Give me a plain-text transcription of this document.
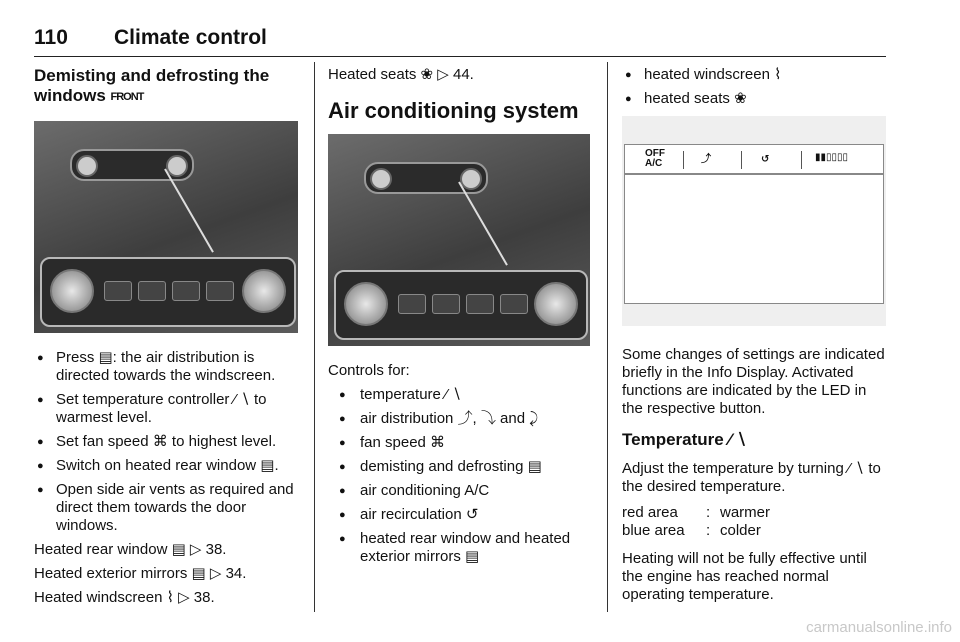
110 Climate control
Demisting and defrosting the windows FRONT
● Press ▤: the air distribution is directed towards the windscreen.
● Set temperature controller ⁄ ∖ to warmest level.
● Set fan speed ⌘ to highest level.
● Switch on heated rear window ▤.
● Open side air vents as required and direct them towards the door windows.

Heated rear window ▤ ▷ 38.

Heated exterior mirrors ▤ ▷ 34.

Heated windscreen ⌇ ▷ 38.

Heated seats ❀ ▷ 44.

Air conditioning system

Controls for:

● temperature ⁄ ∖
● air distribution ⤴, ⤵ and ⤸
● fan speed ⌘
● demisting and defrosting ▤
● air conditioning A/C
● air recirculation ↺
● heated rear window and heated exterior mirrors ▤
● heated windscreen ⌇
● heated seats ❀
OFF
A/C	⤴	↺	▮▮▯▯▯▯

Some changes of settings are indicated briefly in the Info Display. Activated functions are indicated by the LED in the respective button.

Temperature ⁄ ∖

Adjust the temperature by turning ⁄ ∖ to the desired temperature.

red area	: warmer
blue area	: colder

Heating will not be fully effective until the engine has reached normal operating temperature.

carmanualsonline.info
